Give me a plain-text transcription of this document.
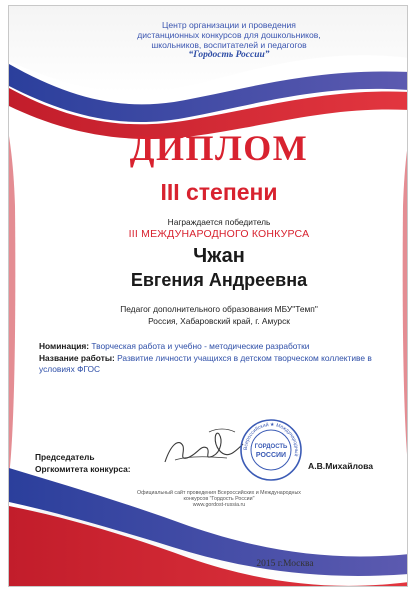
Центр организации и проведения
дистанционных конкурсов для дошкольников,
школьников, воспитателей и педагогов
“Гордость России”
ДИПЛОМ
III степени
Награждается победитель
III МЕЖДУНАРОДНОГО КОНКУРСА
Чжан
Евгения Андреевна
Педагог дополнительного образования МБУ"Темп"
Россия, Хабаровский край, г. Амурск
Номинация: Творческая работа и учебно - методические разработки
Название работы: Развитие личности учащихся в детском творческом коллективе в условиях ФГОС
Председатель
Оргкомитета конкурса:
Всероссийский ★ Международный
ГОРДОСТЬ
РОССИИ
А.В.Михайлова
Официальный сайт проведения Всероссийских и Международных
конкурсов "Гордость России"
www.gordost-russia.ru
2015 г.Москва
